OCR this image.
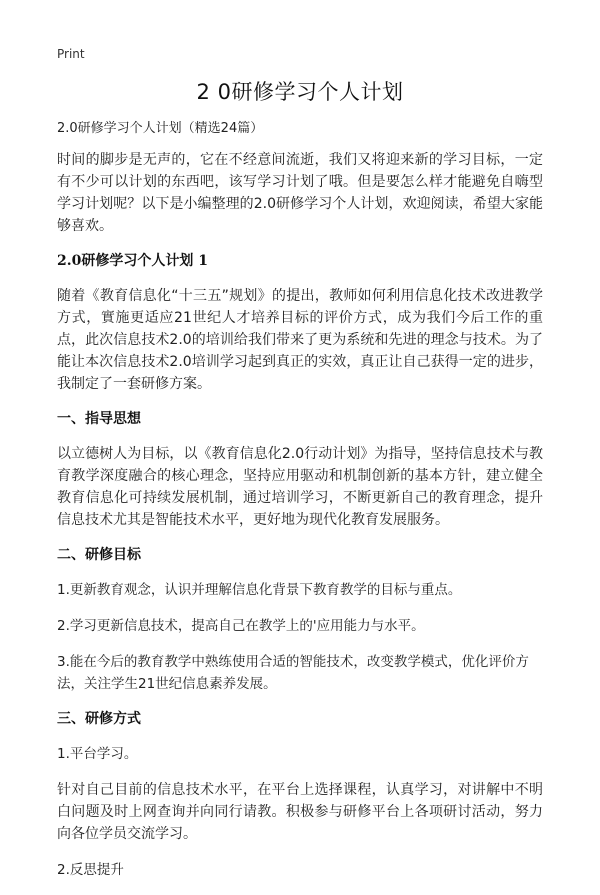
Print
2 0研修学习个人计划

2.0研修学习个人计划（精选24篇）

时间的脚步是无声的，它在不经意间流逝，我们又将迎来新的学习目标，一定有不少可以计划的东西吧，该写学习计划了哦。但是要怎么样才能避免自嗨型学习计划呢？以下是小编整理的2.0研修学习个人计划，欢迎阅读，希望大家能够喜欢。

2.0研修学习个人计划 1

随着《教育信息化“十三五”规划》的提出，教师如何利用信息化技术改进教学方式，實施更适应21世纪人才培养目标的评价方式，成为我们今后工作的重点，此次信息技术2.0的培训给我们带来了更为系统和先进的理念与技术。为了能让本次信息技术2.0培训学习起到真正的实效，真正让自己获得一定的进步，我制定了一套研修方案。

一、指导思想

以立德树人为目标，以《教育信息化2.0行动计划》为指导，坚持信息技术与教育教学深度融合的核心理念，坚持应用驱动和机制创新的基本方针，建立健全教育信息化可持续发展机制，通过培训学习，不断更新自己的教育理念，提升信息技术尤其是智能技术水平，更好地为现代化教育发展服务。

二、研修目标

1.更新教育观念，认识并理解信息化背景下教育教学的目标与重点。

2.学习更新信息技术，提高自己在教学上的'应用能力与水平。

3.能在今后的教育教学中熟练使用合适的智能技术，改变教学模式，优化评价方法，关注学生21世纪信息素养发展。

三、研修方式

1.平台学习。

针对自己目前的信息技术水平，在平台上选择课程，认真学习，对讲解中不明白问题及时上网查询并向同行请教。积极参与研修平台上各项研讨活动，努力向各位学员交流学习。

2.反思提升
